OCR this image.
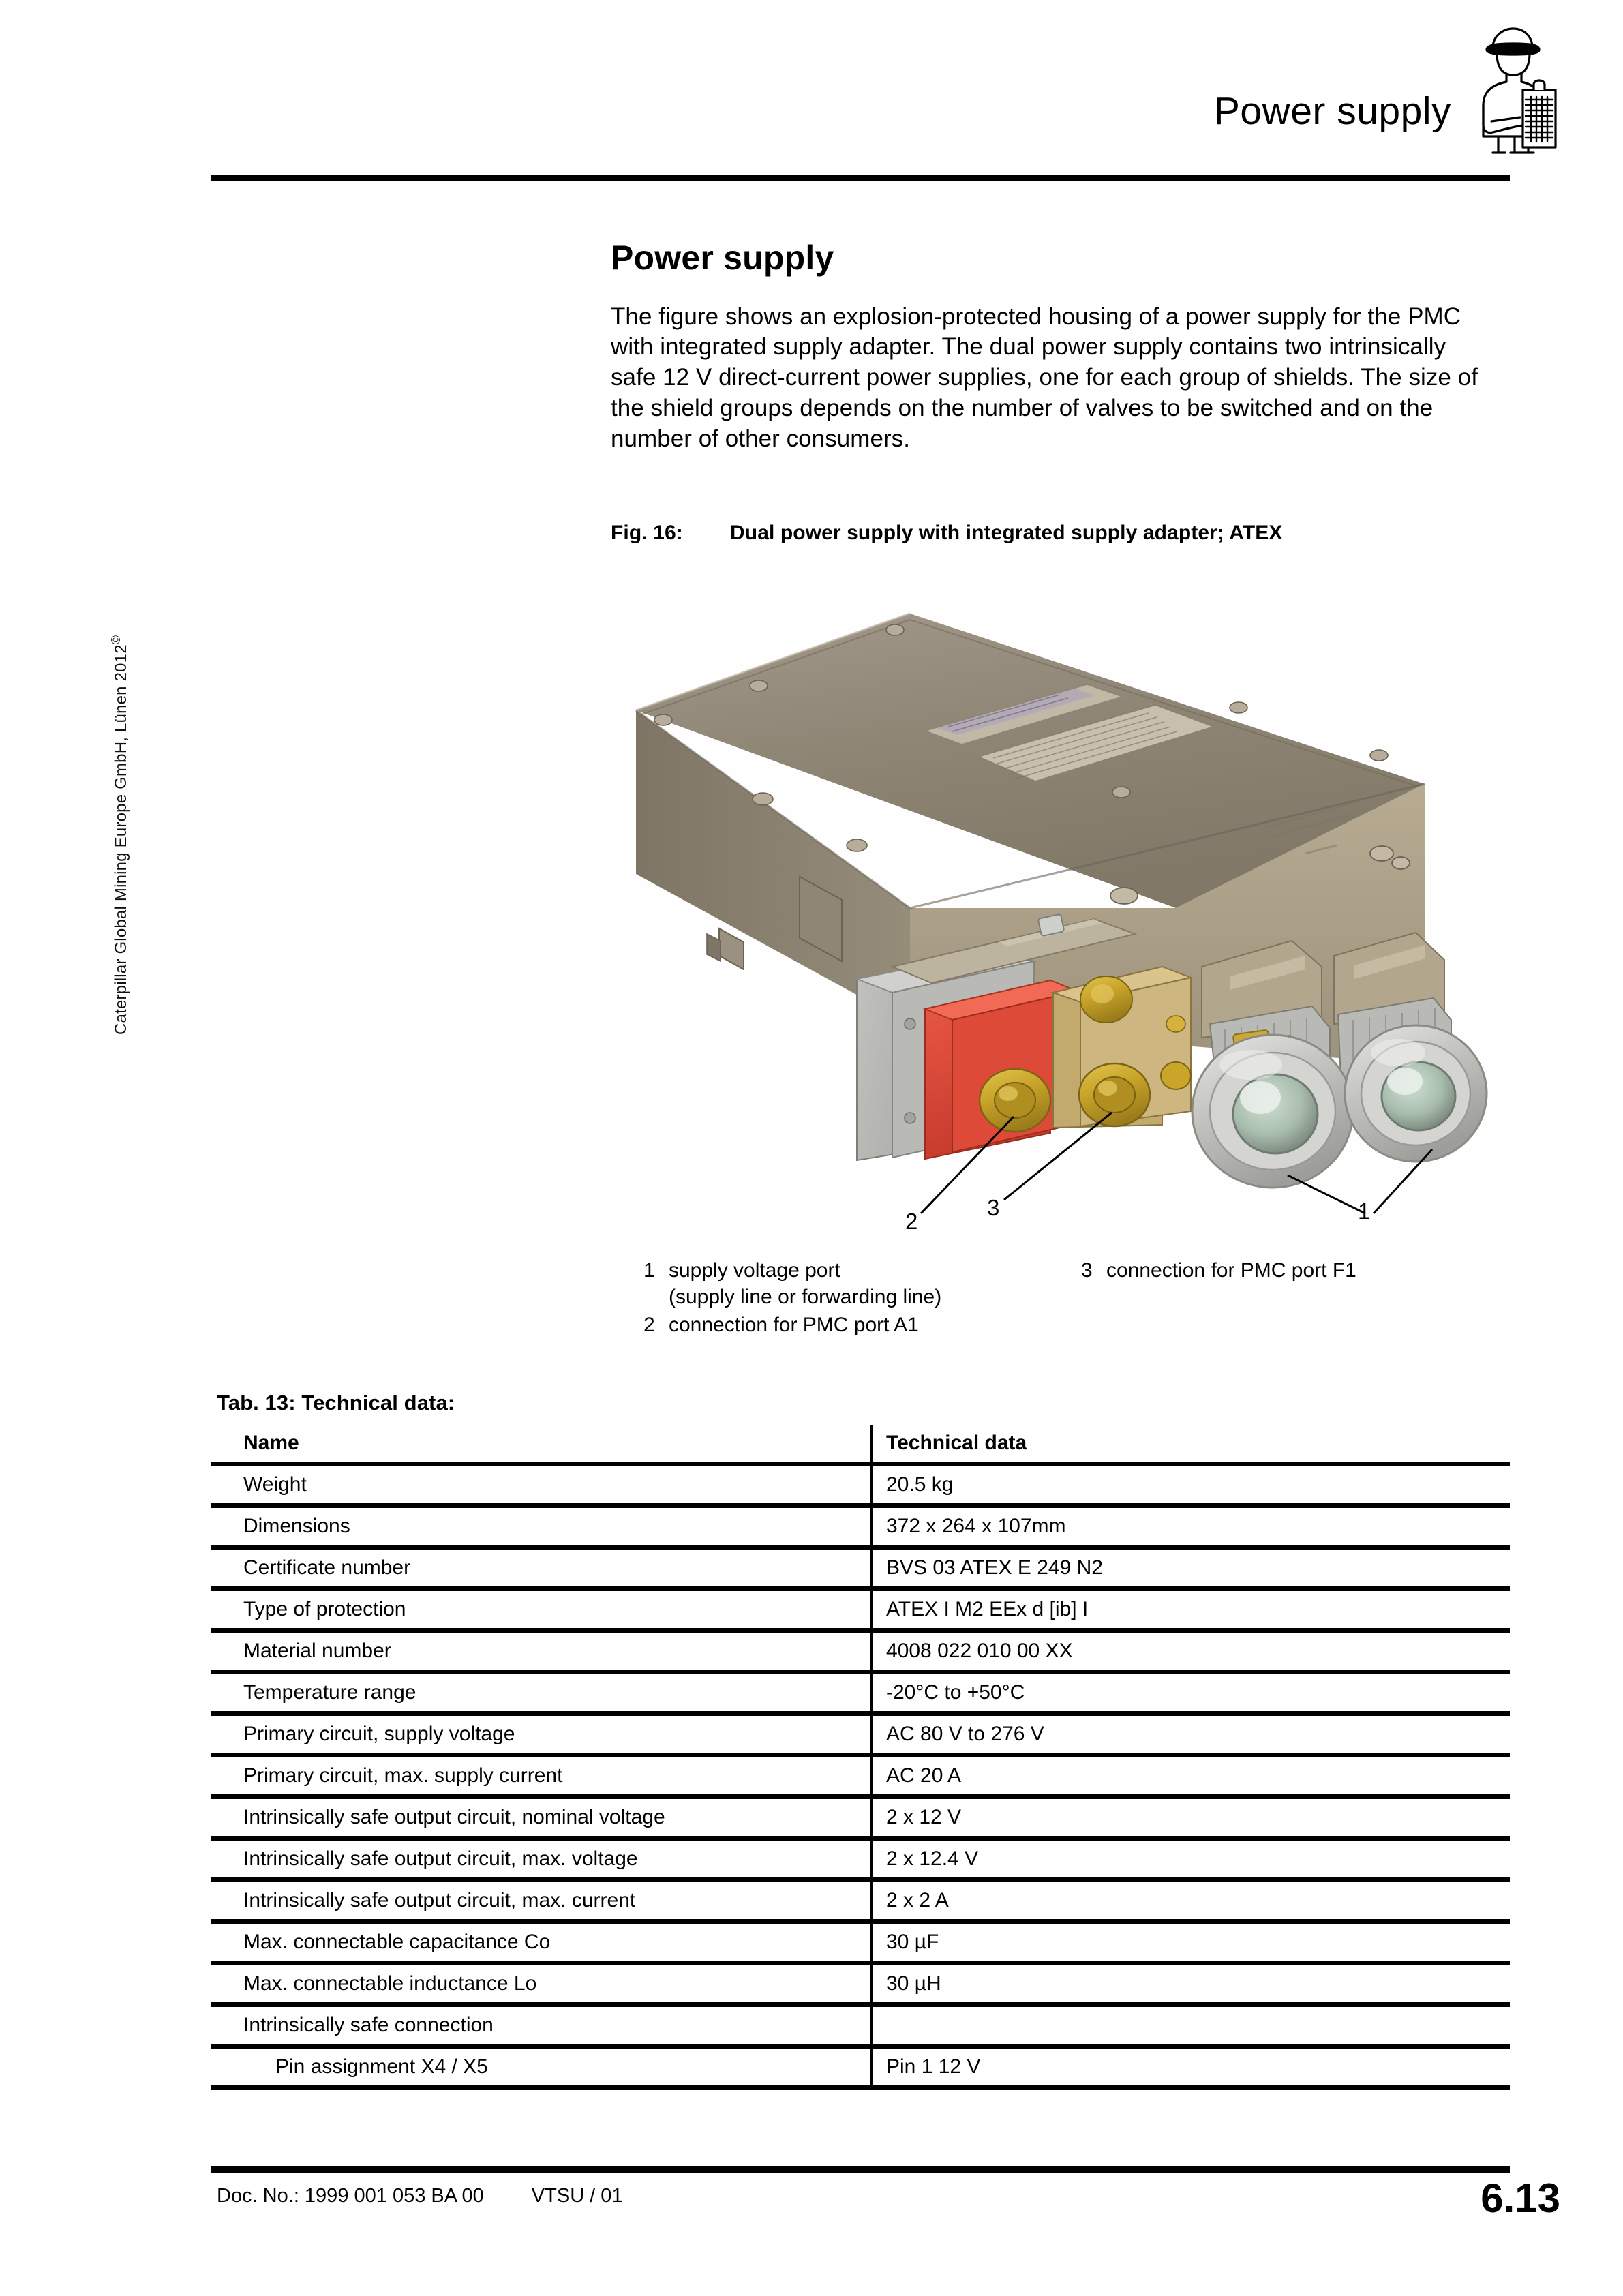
Power supply
Caterpillar Global Mining Europe GmbH, Lünen 2012©
Power supply

The figure shows an explosion-protected housing of a power supply for the PMC with integrated supply adapter. The dual power supply contains two intrinsically safe 12 V direct-current power supplies, one for each group of shields. The size of the shield groups depends on the number of valves to be switched and on the number of other consumers.

Fig. 16: Dual power supply with integrated supply adapter; ATEX
2
3	1
1 supply voltage port
(supply line or forwarding line)
2 connection for PMC port A1
3 connection for PMC port F1
Tab. 13: Technical data:
Name	Technical data
Weight	20.5 kg
Dimensions	372 x 264 x 107mm
Certificate number	BVS 03 ATEX E 249 N2
Type of protection	ATEX I M2 EEx d [ib] I
Material number	4008 022 010 00 XX
Temperature range	-20°C to +50°C
Primary circuit, supply voltage	AC 80 V to 276 V
Primary circuit, max. supply current	AC 20 A
Intrinsically safe output circuit, nominal voltage	2 x 12 V
Intrinsically safe output circuit, max. voltage	2 x 12.4 V
Intrinsically safe output circuit, max. current	2 x 2 A
Max. connectable capacitance Co	30 µF
Max. connectable inductance Lo	30 µH
Intrinsically safe connection
Pin assignment X4 / X5	Pin 1 12 V
Doc. No.: 1999 001 053 BA 00 VTSU / 01	6.13
